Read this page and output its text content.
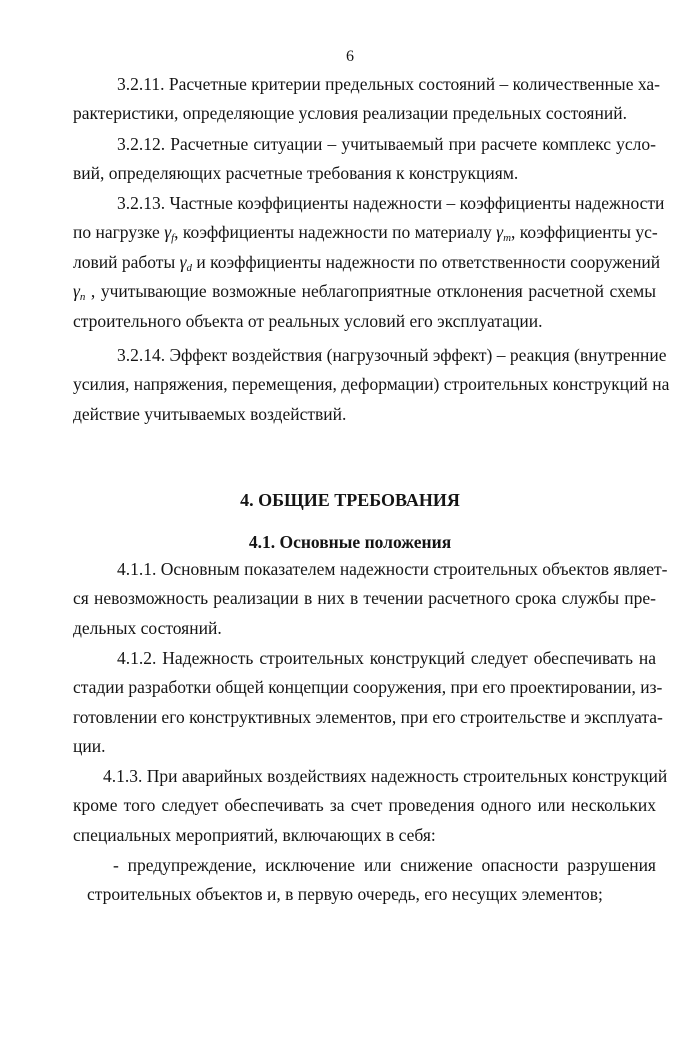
6
3.2.11. Расчетные критерии предельных состояний – количественные ха-
рактеристики, определяющие условия реализации предельных состояний.
3.2.12. Расчетные ситуации – учитываемый при расчете комплекс усло-
вий, определяющих расчетные требования к конструкциям.
3.2.13. Частные коэффициенты надежности – коэффициенты надежности
по нагрузке $\gamma_f$, коэффициенты надежности по материалу $\gamma_m$, коэффициенты ус-
ловий работы $\gamma_d$ и коэффициенты надежности по ответственности сооружений
$\gamma_n$ , учитывающие возможные неблагоприятные отклонения расчетной схемы
строительного объекта от реальных условий его эксплуатации.
3.2.14. Эффект воздействия (нагрузочный эффект) – реакция (внутренние
усилия, напряжения, перемещения, деформации) строительных конструкций на
действие учитываемых воздействий.
4. ОБЩИЕ ТРЕБОВАНИЯ
4.1. Основные положения
4.1.1. Основным показателем надежности строительных объектов являет-
ся невозможность реализации в них в течении расчетного срока службы пре-
дельных состояний.
4.1.2. Надежность строительных конструкций следует обеспечивать на
стадии разработки общей концепции сооружения, при его проектировании, из-
готовлении его конструктивных элементов, при его строительстве и эксплуата-
ции.
4.1.3. При аварийных воздействиях надежность строительных конструкций
кроме того следует обеспечивать за счет проведения одного или нескольких
специальных мероприятий, включающих в себя:
- предупреждение, исключение или снижение опасности разрушения
строительных объектов и, в первую очередь, его несущих элементов;
